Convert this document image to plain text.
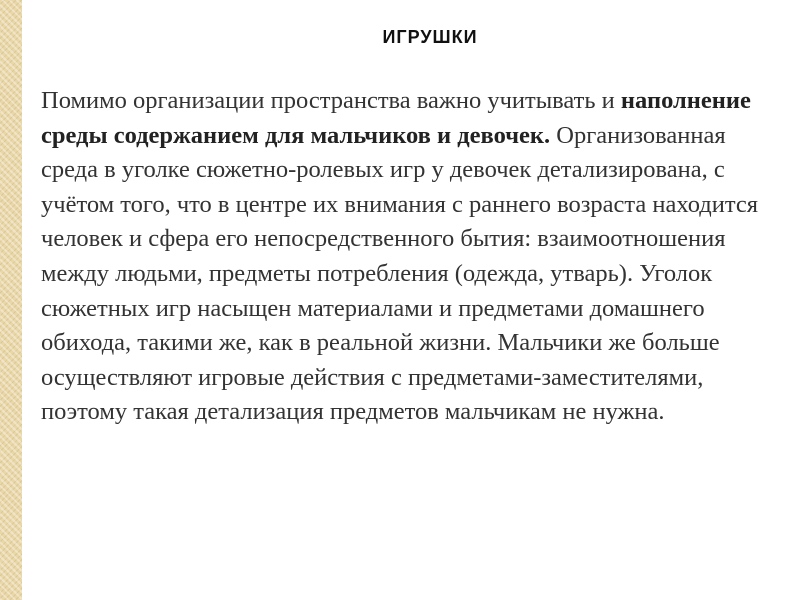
ИГРУШКИ

Помимо организации пространства важно учитывать и наполнение среды содержанием для мальчиков и девочек. Организованная среда в уголке сюжетно-ролевых игр у девочек детализирована, с учётом того, что в центре их внимания с раннего возраста находится человек и сфера его непосредственного бытия: взаимоотношения между людьми, предметы потребления (одежда, утварь). Уголок сюжетных игр насыщен материалами и предметами домашнего обихода, такими же, как в реальной жизни. Мальчики же больше осуществляют игровые действия с предметами-заместителями, поэтому такая детализация предметов мальчикам не нужна.
